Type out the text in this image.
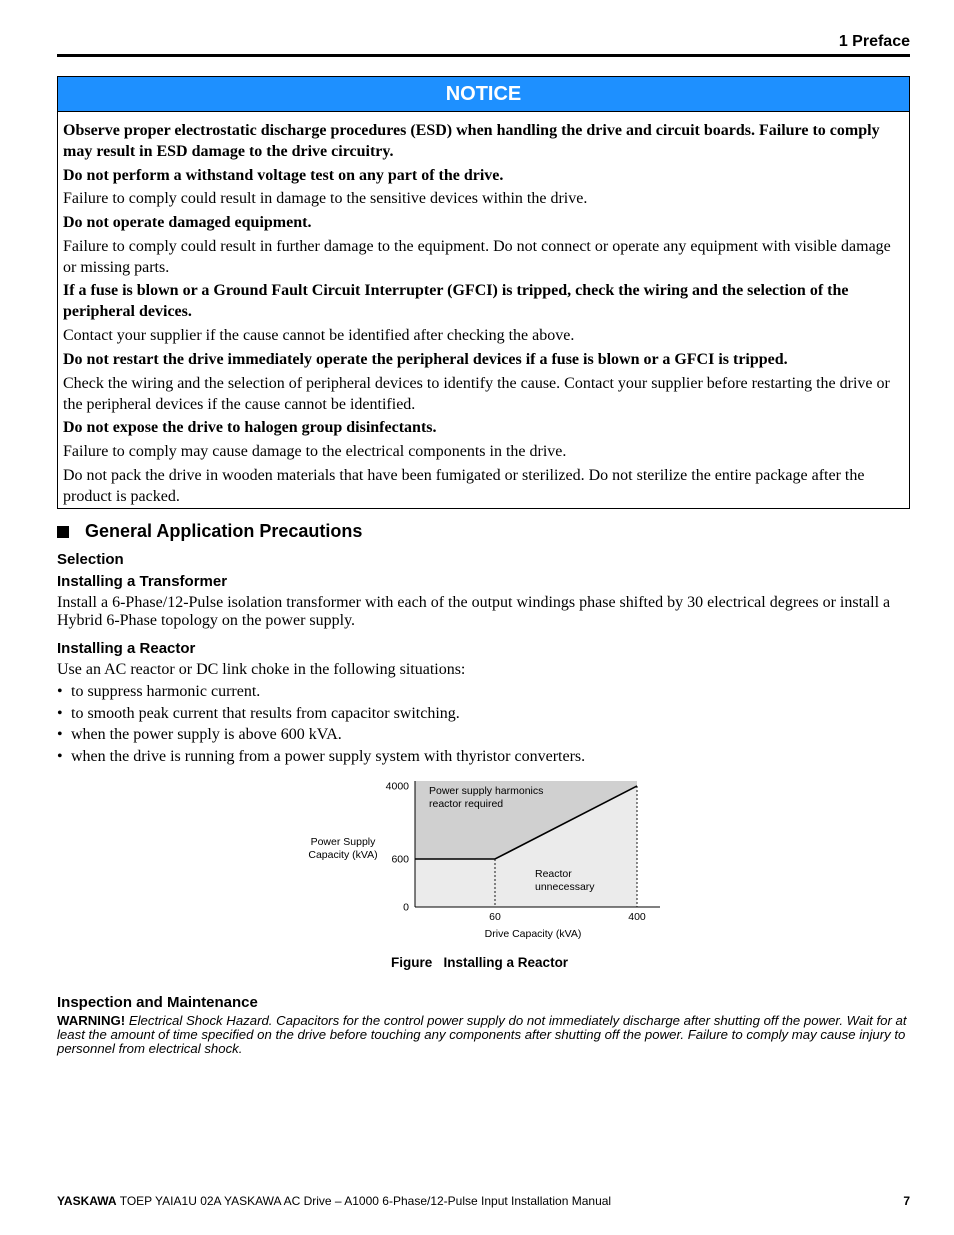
1 Preface
NOTICE

Observe proper electrostatic discharge procedures (ESD) when handling the drive and circuit boards. Failure to comply may result in ESD damage to the drive circuitry.

Do not perform a withstand voltage test on any part of the drive.

Failure to comply could result in damage to the sensitive devices within the drive.

Do not operate damaged equipment.

Failure to comply could result in further damage to the equipment. Do not connect or operate any equipment with visible damage or missing parts.

If a fuse is blown or a Ground Fault Circuit Interrupter (GFCI) is tripped, check the wiring and the selection of the peripheral devices.

Contact your supplier if the cause cannot be identified after checking the above.

Do not restart the drive immediately operate the peripheral devices if a fuse is blown or a GFCI is tripped.

Check the wiring and the selection of peripheral devices to identify the cause. Contact your supplier before restarting the drive or the peripheral devices if the cause cannot be identified.

Do not expose the drive to halogen group disinfectants.

Failure to comply may cause damage to the electrical components in the drive.

Do not pack the drive in wooden materials that have been fumigated or sterilized. Do not sterilize the entire package after the product is packed.

General Application Precautions
Selection
Installing a Transformer
Install a 6-Phase/12-Pulse isolation transformer with each of the output windings phase shifted by 30 electrical degrees or install a Hybrid 6-Phase topology on the power supply.
Installing a Reactor
Use an AC reactor or DC link choke in the following situations:
• to suppress harmonic current.
• to smooth peak current that results from capacitor switching.
• when the power supply is above 600 kVA.
• when the drive is running from a power supply system with thyristor converters.
4000
600
0
60	400
Power Supply
Capacity (kVA)
Drive Capacity (kVA)
Power supply harmonics
reactor required
Reactor
unnecessary
Figure Installing a Reactor
Inspection and Maintenance
WARNING! Electrical Shock Hazard. Capacitors for the control power supply do not immediately discharge after shutting off the power. Wait for at least the amount of time specified on the drive before touching any components after shutting off the power. Failure to comply may cause injury to personnel from electrical shock.
YASKAWA TOEP YAIA1U 02A YASKAWA AC Drive – A1000 6-Phase/12-Pulse Input Installation Manual	7
